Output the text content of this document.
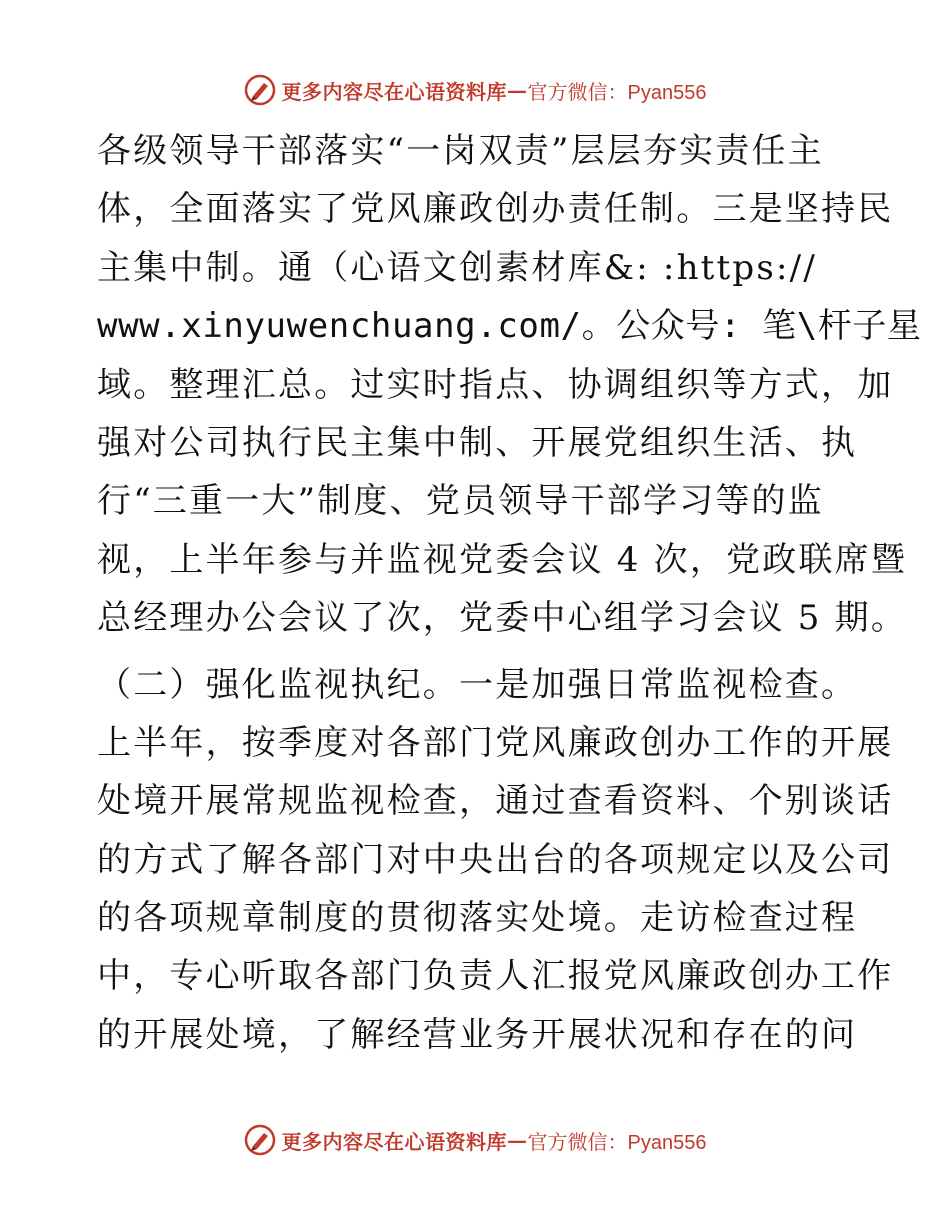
更多内容尽在心语资料库 — 官方微信：Pyan556
各级领导干部落实“一岗双责”层层夯实责任主
体，全面落实了党风廉政创办责任制。三是坚持民
主集中制。通（心语文创素材库&: :https://
www.xinyuwenchuang.com/。公众号: 笔\杆子星
域。整理汇总。过实时指点、协调组织等方式，加
强对公司执行民主集中制、开展党组织生活、执
行“三重一大”制度、党员领导干部学习等的监
视，上半年参与并监视党委会议 4 次，党政联席暨
总经理办公会议了次，党委中心组学习会议 5 期。
（二）强化监视执纪。一是加强日常监视检查。
上半年，按季度对各部门党风廉政创办工作的开展
处境开展常规监视检查，通过查看资料、个别谈话
的方式了解各部门对中央出台的各项规定以及公司
的各项规章制度的贯彻落实处境。走访检查过程
中，专心听取各部门负责人汇报党风廉政创办工作
的开展处境，了解经营业务开展状况和存在的问
更多内容尽在心语资料库 — 官方微信：Pyan556
